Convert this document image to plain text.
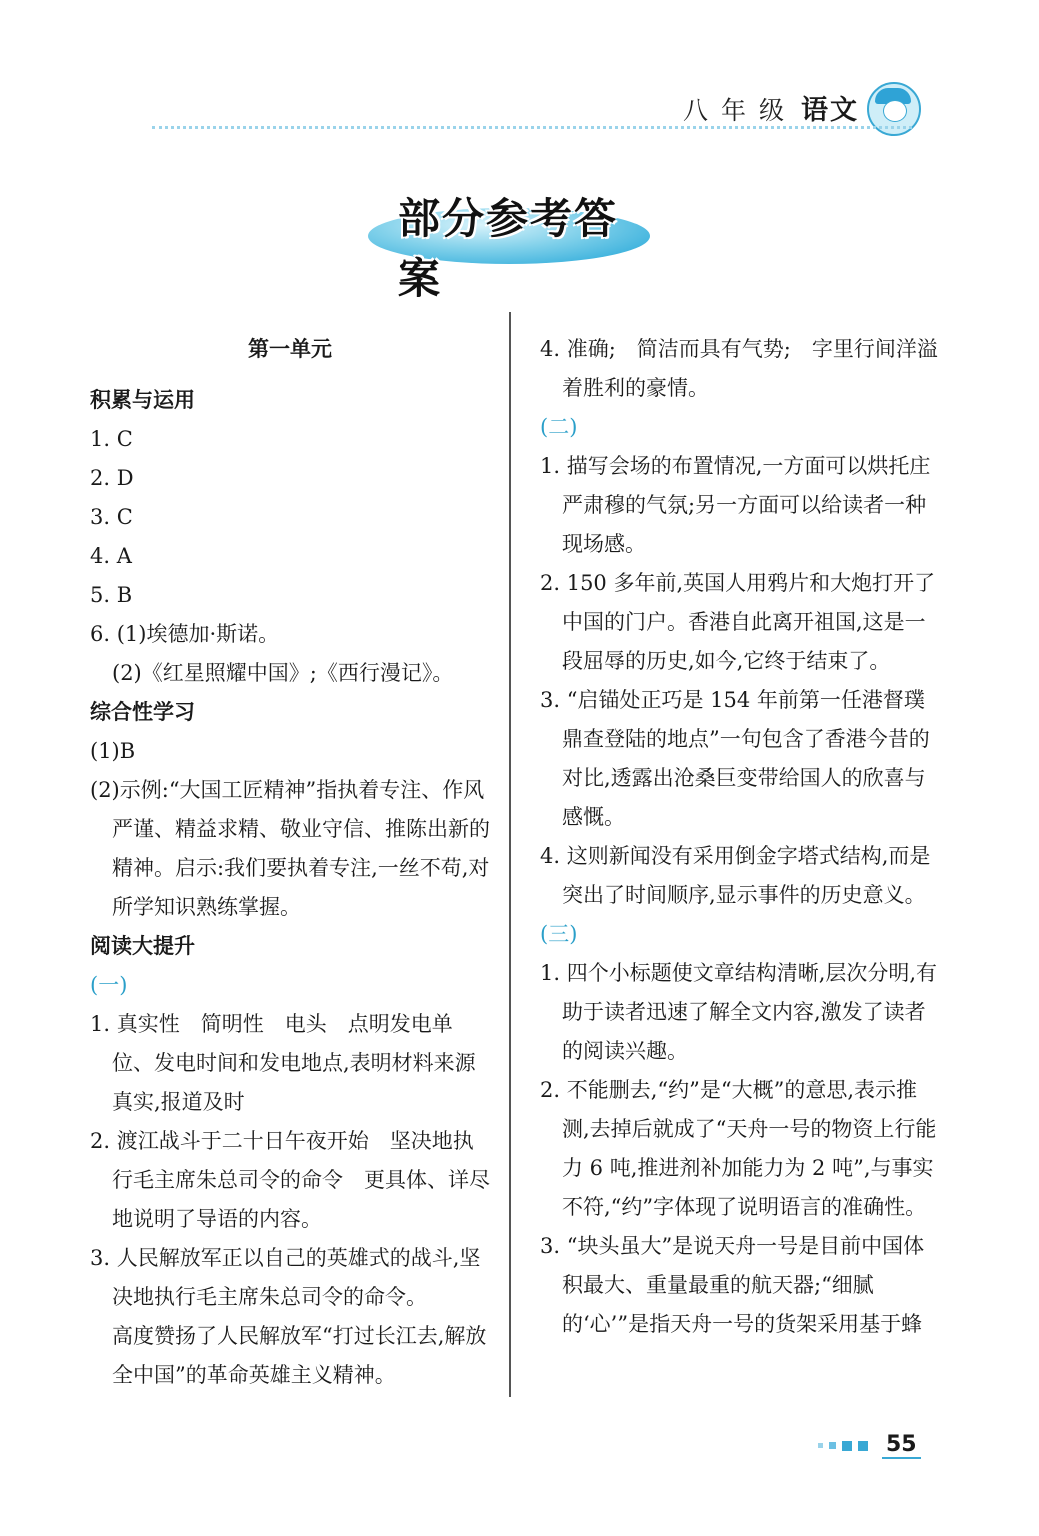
八年级 语文
部分参考答案
第一单元
积累与运用
1. C
2. D
3. C
4. A
5. B
6. (1)埃德加·斯诺。
(2)《红星照耀中国》;《西行漫记》。
综合性学习
(1)B
(2)示例:“大国工匠精神”指执着专注、作风严谨、精益求精、敬业守信、推陈出新的精神。启示:我们要执着专注,一丝不苟,对所学知识熟练掌握。
阅读大提升
(一)
1. 真实性　简明性　电头　点明发电单位、发电时间和发电地点,表明材料来源真实,报道及时
2. 渡江战斗于二十日午夜开始　坚决地执行毛主席朱总司令的命令　更具体、详尽地说明了导语的内容。
3. 人民解放军正以自己的英雄式的战斗,坚决地执行毛主席朱总司令的命令。
高度赞扬了人民解放军“打过长江去,解放全中国”的革命英雄主义精神。
4. 准确;　简洁而具有气势;　字里行间洋溢着胜利的豪情。
(二)
1. 描写会场的布置情况,一方面可以烘托庄严肃穆的气氛;另一方面可以给读者一种现场感。
2. 150 多年前,英国人用鸦片和大炮打开了中国的门户。香港自此离开祖国,这是一段屈辱的历史,如今,它终于结束了。
3. “启锚处正巧是 154 年前第一任港督璞鼎查登陆的地点”一句包含了香港今昔的对比,透露出沧桑巨变带给国人的欣喜与感慨。
4. 这则新闻没有采用倒金字塔式结构,而是突出了时间顺序,显示事件的历史意义。
(三)
1. 四个小标题使文章结构清晰,层次分明,有助于读者迅速了解全文内容,激发了读者的阅读兴趣。
2. 不能删去,“约”是“大概”的意思,表示推测,去掉后就成了“天舟一号的物资上行能力 6 吨,推进剂补加能力为 2 吨”,与事实不符,“约”字体现了说明语言的准确性。
3. “块头虽大”是说天舟一号是目前中国体积最大、重量最重的航天器;“细腻的‘心’”是指天舟一号的货架采用基于蜂
55
